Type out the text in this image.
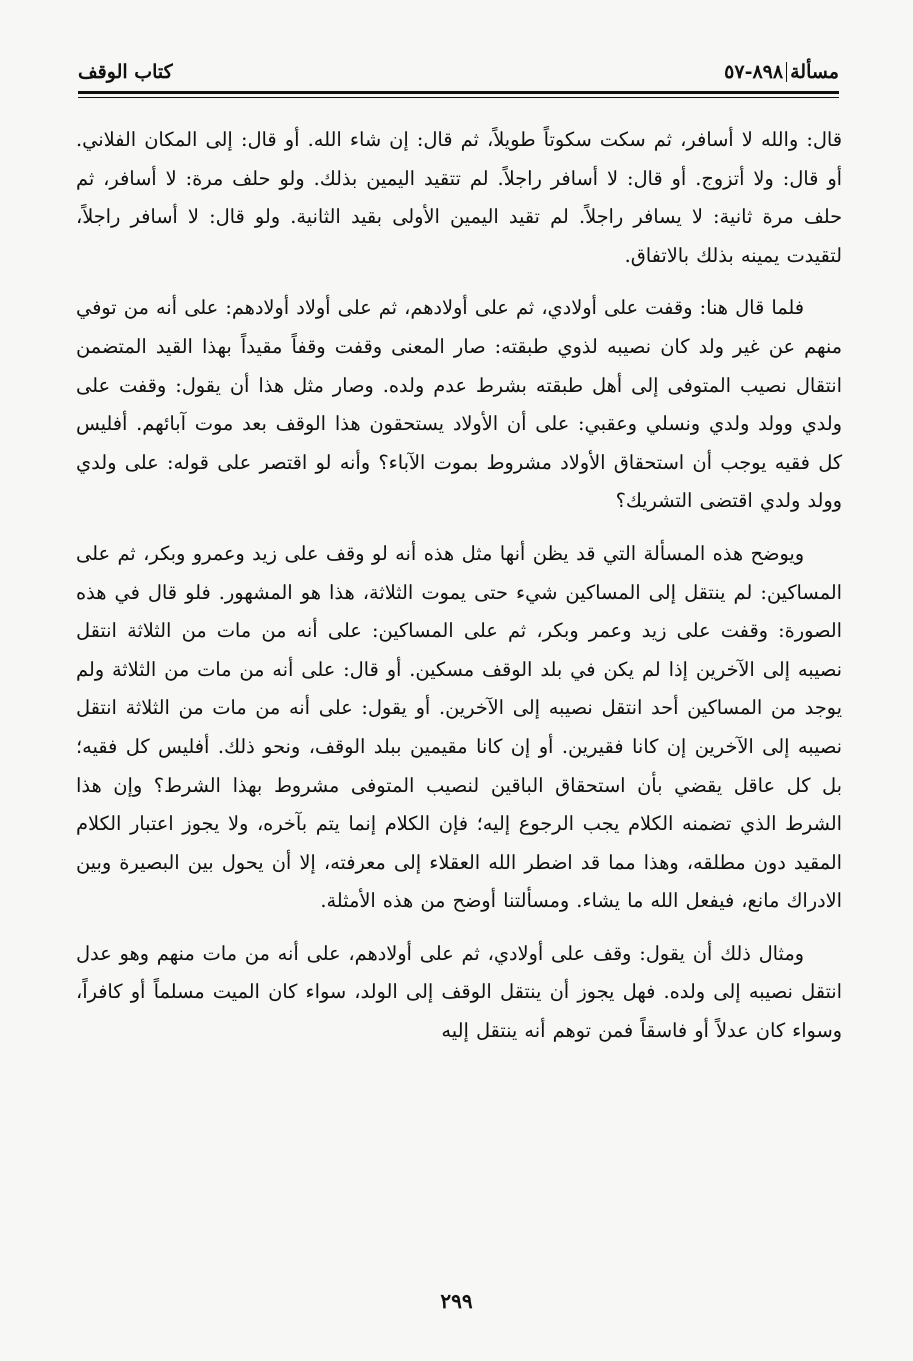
مسألة
٨٩٨-٥٧
كتاب الوقف

قال: والله لا أسافر، ثم سكت سكوتاً طويلاً، ثم قال: إن شاء الله. أو قال: إلى المكان الفلاني. أو قال: ولا أتزوج. أو قال: لا أسافر راجلاً. لم تتقيد اليمين بذلك. ولو حلف مرة: لا أسافر، ثم حلف مرة ثانية: لا يسافر راجلاً. لم تقيد اليمين الأولى بقيد الثانية. ولو قال: لا أسافر راجلاً، لتقيدت يمينه بذلك بالاتفاق.

فلما قال هنا: وقفت على أولادي، ثم على أولادهم، ثم على أولاد أولادهم: على أنه من توفي منهم عن غير ولد كان نصيبه لذوي طبقته: صار المعنى وقفت وقفاً مقيداً بهذا القيد المتضمن انتقال نصيب المتوفى إلى أهل طبقته بشرط عدم ولده. وصار مثل هذا أن يقول: وقفت على ولدي وولد ولدي ونسلي وعقبي: على أن الأولاد يستحقون هذا الوقف بعد موت آبائهم. أفليس كل فقيه يوجب أن استحقاق الأولاد مشروط بموت الآباء؟ وأنه لو اقتصر على قوله: على ولدي وولد ولدي اقتضى التشريك؟

ويوضح هذه المسألة التي قد يظن أنها مثل هذه أنه لو وقف على زيد وعمرو وبكر، ثم على المساكين: لم ينتقل إلى المساكين شيء حتى يموت الثلاثة، هذا هو المشهور. فلو قال في هذه الصورة: وقفت على زيد وعمر وبكر، ثم على المساكين: على أنه من مات من الثلاثة انتقل نصيبه إلى الآخرين إذا لم يكن في بلد الوقف مسكين. أو قال: على أنه من مات من الثلاثة ولم يوجد من المساكين أحد انتقل نصيبه إلى الآخرين. أو يقول: على أنه من مات من الثلاثة انتقل نصيبه إلى الآخرين إن كانا فقيرين. أو إن كانا مقيمين ببلد الوقف، ونحو ذلك. أفليس كل فقيه؛ بل كل عاقل يقضي بأن استحقاق الباقين لنصيب المتوفى مشروط بهذا الشرط؟ وإن هذا الشرط الذي تضمنه الكلام يجب الرجوع إليه؛ فإن الكلام إنما يتم بآخره، ولا يجوز اعتبار الكلام المقيد دون مطلقه، وهذا مما قد اضطر الله العقلاء إلى معرفته، إلا أن يحول بين البصيرة وبين الادراك مانع، فيفعل الله ما يشاء. ومسألتنا أوضح من هذه الأمثلة.

ومثال ذلك أن يقول: وقف على أولادي، ثم على أولادهم، على أنه من مات منهم وهو عدل انتقل نصيبه إلى ولده. فهل يجوز أن ينتقل الوقف إلى الولد، سواء كان الميت مسلماً أو كافراً، وسواء كان عدلاً أو فاسقاً فمن توهم أنه ينتقل إليه

٢٩٩
